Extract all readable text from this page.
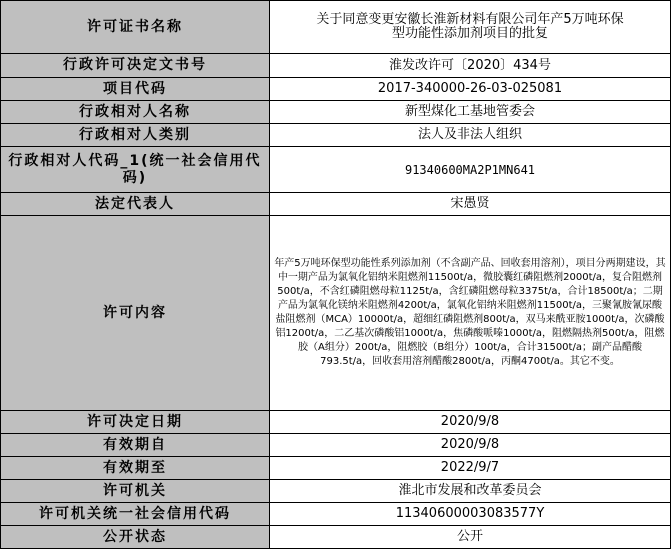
许可证书名称	关于同意变更安徽长淮新材料有限公司年产5万吨环保型功能性添加剂项目的批复
行政许可决定文书号	淮发改许可〔2020〕434号
项目代码	2017-340000-26-03-025081
行政相对人名称	新型煤化工基地管委会
行政相对人类别	法人及非法人组织
行政相对人代码_1(统一社会信用代码)	91340600MA2P1MN641
法定代表人	宋愚贤
许可内容	年产5万吨环保型功能性系列添加剂（不含副产品、回收套用溶剂），项目分两期建设，其中一期产品为氯氧化铝纳米阻燃剂11500t/a，微胶囊红磷阻燃剂2000t/a，复合阻燃剂500t/a，不含红磷阻燃母粒1125t/a，含红磷阻燃母粒3375t/a，合计18500t/a；二期产品为氯氧化镁纳米阻燃剂4200t/a，氯氧化铝纳米阻燃剂11500t/a，三聚氰胺氰尿酸盐阻燃剂（MCA）10000t/a，超细红磷阻燃剂800t/a，双马来酰亚胺1000t/a，次磷酸铝1200t/a，二乙基次磷酸铝1000t/a，焦磷酸哌嗪1000t/a，阻燃隔热剂500t/a，阻燃胶（A组分）200t/a，阻燃胶（B组分）100t/a，合计31500t/a；副产品醋酸793.5t/a，回收套用溶剂醋酸2800t/a，丙酮4700t/a。其它不变。
许可决定日期	2020/9/8
有效期自	2020/9/8
有效期至	2022/9/7
许可机关	淮北市发展和改革委员会
许可机关统一社会信用代码	11340600003083577Y
公开状态	公开
